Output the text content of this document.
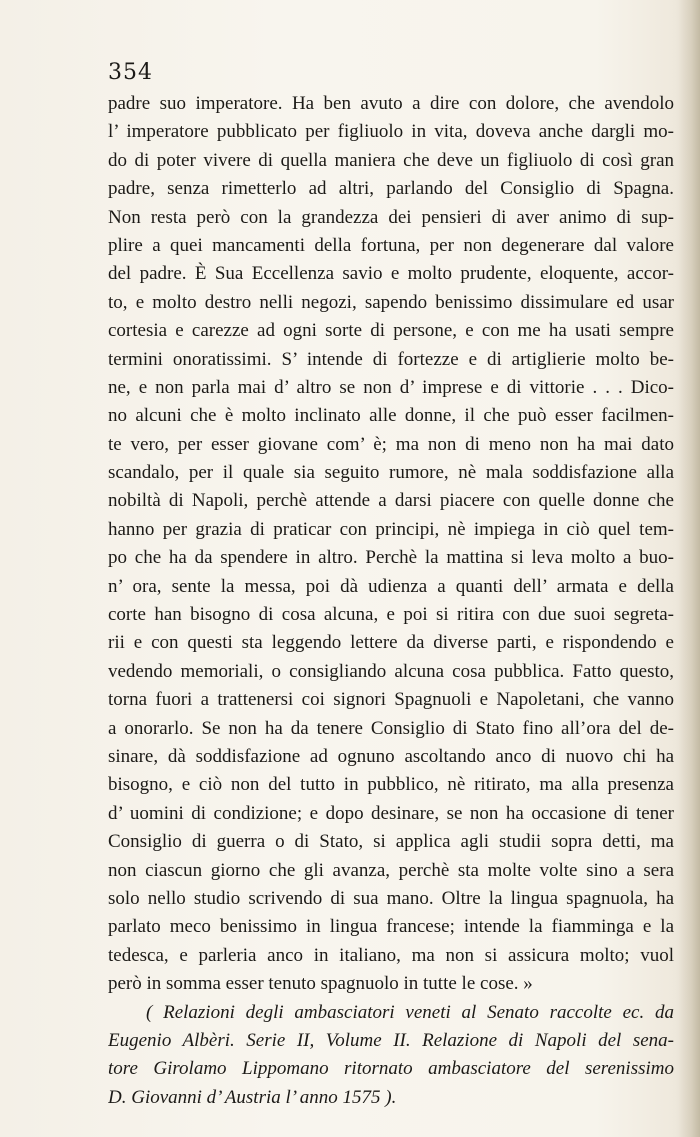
354
padre suo imperatore. Ha ben avuto a dire con dolore, che avendolo
l’ imperatore pubblicato per figliuolo in vita, doveva anche dargli mo-
do di poter vivere di quella maniera che deve un figliuolo di così gran
padre, senza rimetterlo ad altri, parlando del Consiglio di Spagna.
Non resta però con la grandezza dei pensieri di aver animo di sup-
plire a quei mancamenti della fortuna, per non degenerare dal valore
del padre. È Sua Eccellenza savio e molto prudente, eloquente, accor-
to, e molto destro nelli negozi, sapendo benissimo dissimulare ed usar
cortesia e carezze ad ogni sorte di persone, e con me ha usati sempre
termini onoratissimi. S’ intende di fortezze e di artiglierie molto be-
ne, e non parla mai d’ altro se non d’ imprese e di vittorie . . . Dico-
no alcuni che è molto inclinato alle donne, il che può esser facilmen-
te vero, per esser giovane com’ è; ma non di meno non ha mai dato
scandalo, per il quale sia seguito rumore, nè mala soddisfazione alla
nobiltà di Napoli, perchè attende a darsi piacere con quelle donne che
hanno per grazia di praticar con principi, nè impiega in ciò quel tem-
po che ha da spendere in altro. Perchè la mattina si leva molto a buo-
n’ ora, sente la messa, poi dà udienza a quanti dell’ armata e della
corte han bisogno di cosa alcuna, e poi si ritira con due suoi segreta-
rii e con questi sta leggendo lettere da diverse parti, e rispondendo e
vedendo memoriali, o consigliando alcuna cosa pubblica. Fatto questo,
torna fuori a trattenersi coi signori Spagnuoli e Napoletani, che vanno
a onorarlo. Se non ha da tenere Consiglio di Stato fino all’ora del de-
sinare, dà soddisfazione ad ognuno ascoltando anco di nuovo chi ha
bisogno, e ciò non del tutto in pubblico, nè ritirato, ma alla presenza
d’ uomini di condizione; e dopo desinare, se non ha occasione di tener
Consiglio di guerra o di Stato, si applica agli studii sopra detti, ma
non ciascun giorno che gli avanza, perchè sta molte volte sino a sera
solo nello studio scrivendo di sua mano. Oltre la lingua spagnuola, ha
parlato meco benissimo in lingua francese; intende la fiamminga e la
tedesca, e parleria anco in italiano, ma non si assicura molto; vuol
però in somma esser tenuto spagnuolo in tutte le cose. »
( Relazioni degli ambasciatori veneti al Senato raccolte ec. da
Eugenio Albèri. Serie II, Volume II. Relazione di Napoli del sena-
tore Girolamo Lippomano ritornato ambasciatore del serenissimo
D. Giovanni d’ Austria l’ anno 1575 ).
